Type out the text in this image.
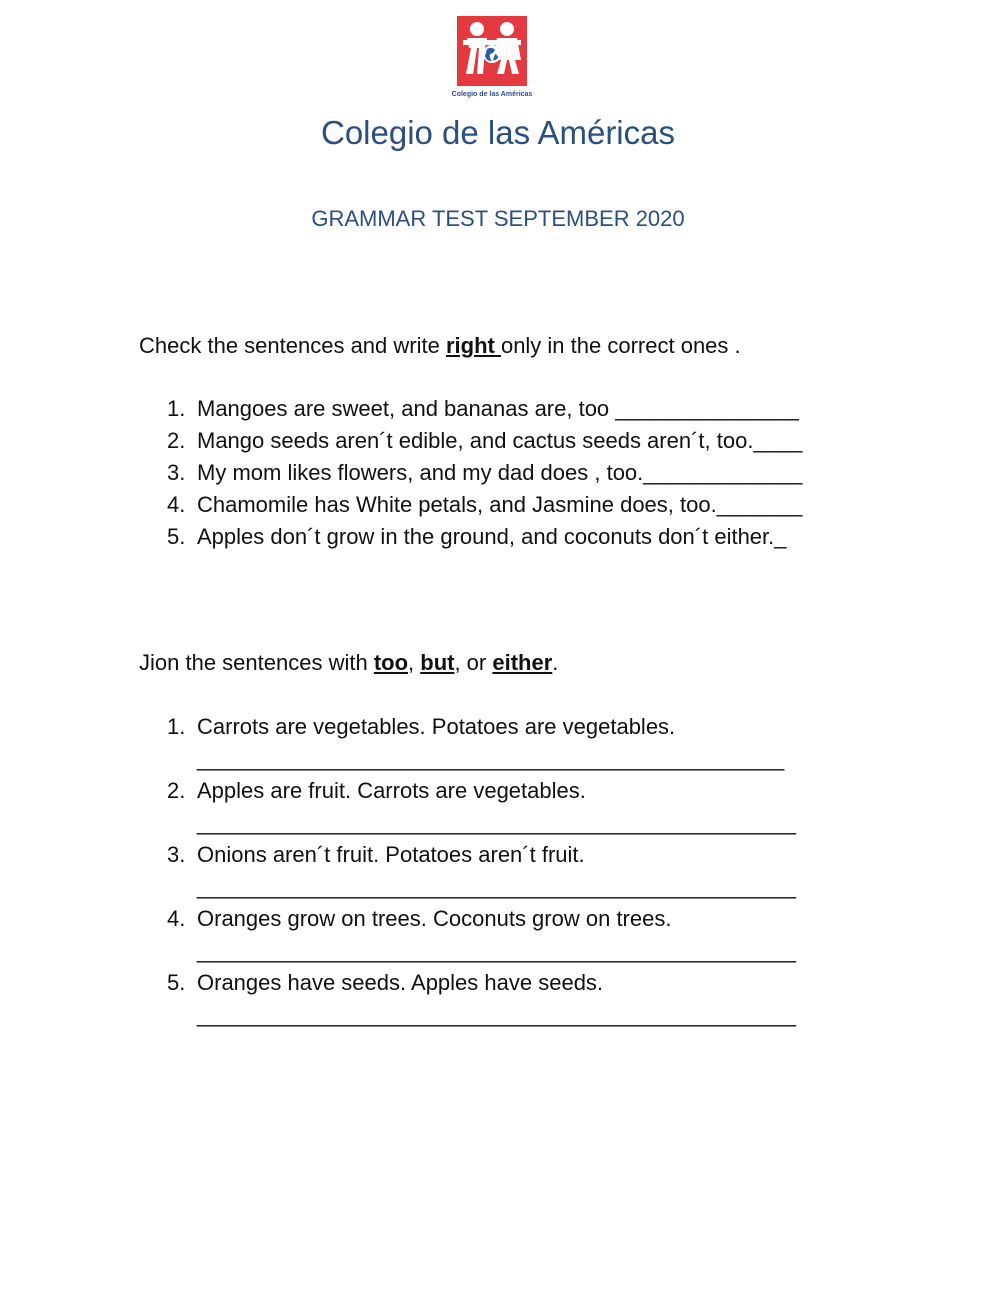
Colegio de las Américas
Colegio de las Américas
GRAMMAR TEST SEPTEMBER 2020
Check the sentences and write right only in the correct ones .
1. Mangoes are sweet, and bananas are, too _______________
2. Mango seeds aren´t edible, and cactus seeds aren´t, too.____
3. My mom likes flowers, and my dad does , too._____________
4. Chamomile has White petals, and Jasmine does, too._______
5. Apples don´t grow in the ground, and coconuts don´t either._
Jion the sentences with too, but, or either.
1. Carrots are vegetables. Potatoes are vegetables.
__________________________________________________
2. Apples are fruit. Carrots are vegetables.
___________________________________________________
3. Onions aren´t fruit. Potatoes aren´t fruit.
___________________________________________________
4. Oranges grow on trees. Coconuts grow on trees.
___________________________________________________
5. Oranges have seeds. Apples have seeds.
___________________________________________________
